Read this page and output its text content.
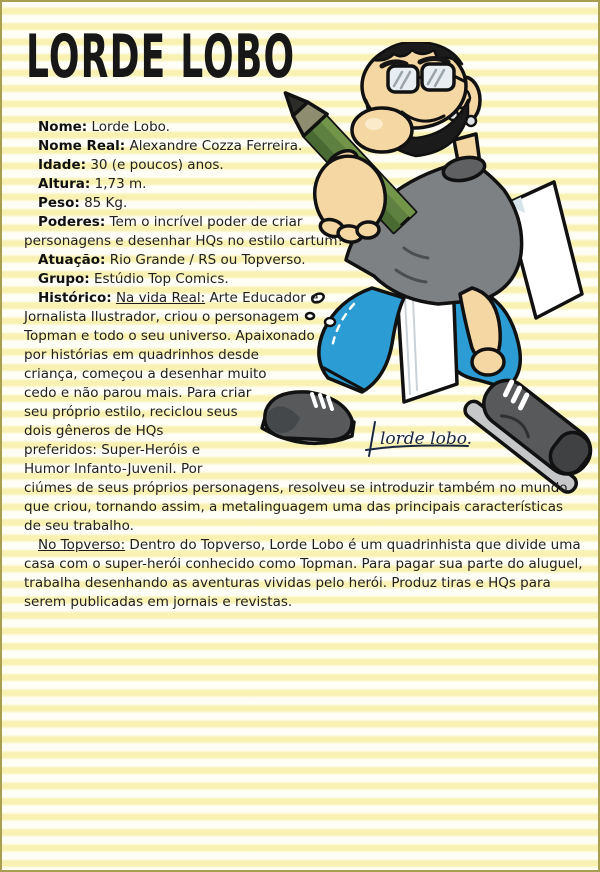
LORDE LOBO
lorde lobo.

Nome: Lorde Lobo.

Nome Real: Alexandre Cozza Ferreira.

Idade: 30 (e poucos) anos.

Altura: 1,73 m.

Peso: 85 Kg.

Poderes: Tem o incrível poder de criar personagens e desenhar HQs no estilo cartum!

Atuação: Rio Grande / RS ou Topverso.

Grupo: Estúdio Top Comics.

Histórico: Na vida Real: Arte Educador e Jornalista Ilustrador, criou o personagem Topman e todo o seu universo. Apaixonado por histórias em quadrinhos desde criança, começou a desenhar muito cedo e não parou mais. Para criar seu próprio estilo, reciclou seus dois gêneros de HQs preferidos: Super-Heróis e Humor Infanto-Juvenil. Por ciúmes de seus próprios personagens, resolveu se introduzir também no mundo que criou, tornando assim, a metalinguagem uma das principais características de seu trabalho.

No Topverso: Dentro do Topverso, Lorde Lobo é um quadrinhista que divide uma casa com o super-herói conhecido como Topman. Para pagar sua parte do aluguel, trabalha desenhando as aventuras vividas pelo herói. Produz tiras e HQs para serem publicadas em jornais e revistas.
